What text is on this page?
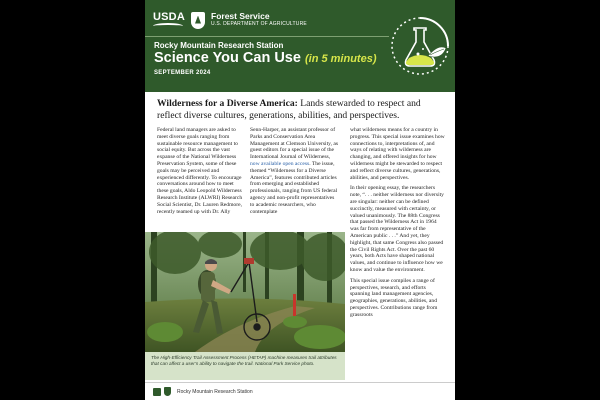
USDA	Forest Service
U.S. DEPARTMENT OF AGRICULTURE
Rocky Mountain Research Station
Science You Can Use (in 5 minutes)
SEPTEMBER 2024
Wilderness for a Diverse America: Lands stewarded to respect and reflect diverse cultures, generations, abilities, and perspectives.

Federal land managers are asked to meet diverse goals ranging from sustainable resource management to social equity. But across the vast expanse of the National Wilderness Preservation System, some of these goals may be perceived and experienced differently. To encourage conversations around how to meet these goals, Aldo Leopold Wilderness Research Institute (ALWRI) Research Social Scientist, Dr. Lauren Redmore, recently teamed up with Dr. Ally

Senn-Harper, an assistant professor of Parks and Conservation Area Management at Clemson University, as guest editors for a special issue of the International Journal of Wilderness, now available open access. The issue, themed “Wilderness for a Diverse America”, features contributed articles from emerging and established professionals, ranging from US federal agency and non-profit representatives to academic researchers, who contemplate

what wilderness means for a country in progress. This special issue examines how connections to, interpretations of, and ways of relating with wilderness are changing, and offered insights for how wilderness might be stewarded to respect and reflect diverse cultures, generations, abilities, and perspectives.

In their opening essay, the researchers note, “. . . neither wilderness nor diversity are singular: neither can be defined succinctly, measured with certainty, or valued unanimously. The 88th Congress that passed the Wilderness Act in 1964 was far from representative of the American public . . .” And yet, they highlight, that same Congress also passed the Civil Rights Act. Over the past 60 years, both Acts have shaped national values, and continue to influence how we know and value the environment.

This special issue compiles a range of perspectives, research, and efforts spanning land management agencies, geographies, generations, abilities, and perspectives. Contributions range from grassroots

The High-Efficiency Trail Assessment Process (HETAP) machine measures trail attributes that can affect a user’s ability to navigate the trail. National Park Service photo.
Rocky Mountain Research Station
